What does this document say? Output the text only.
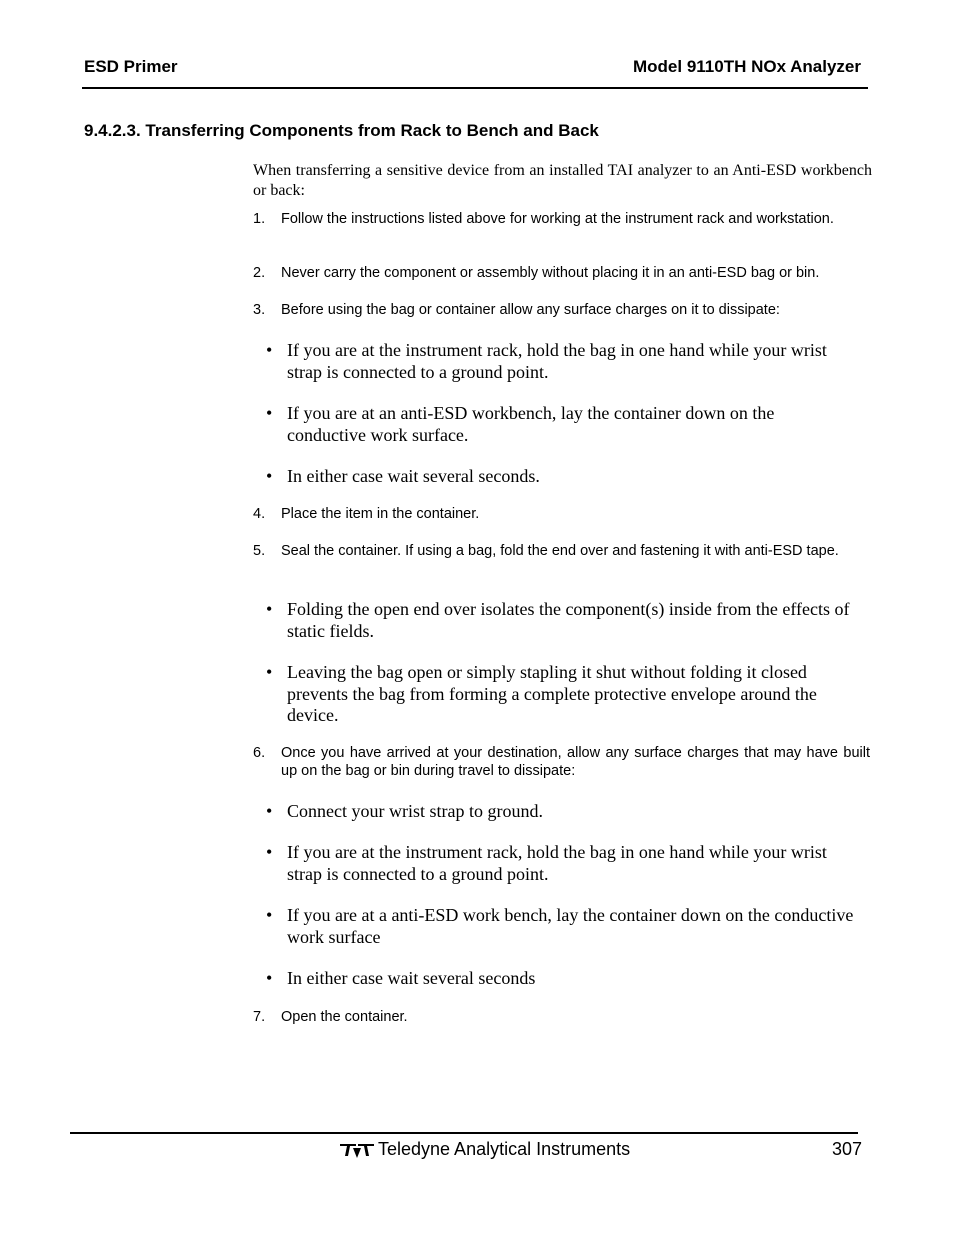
ESD Primer	Model 9110TH NOx Analyzer
9.4.2.3. Transferring Components from Rack to Bench and Back
When transferring a sensitive device from an installed TAI analyzer to an Anti-ESD workbench or back:
1.	Follow the instructions listed above for working at the instrument rack and workstation.
2.	Never carry the component or assembly without placing it in an anti-ESD bag or bin.
3.	Before using the bag or container allow any surface charges on it to dissipate:
• If you are at the instrument rack, hold the bag in one hand while your wrist strap is connected to a ground point.
• If you are at an anti-ESD workbench, lay the container down on the conductive work surface.
• In either case wait several seconds.
4.	Place the item in the container.
5.	Seal the container. If using a bag, fold the end over and fastening it with anti-ESD tape.
• Folding the open end over isolates the component(s) inside from the effects of static fields.
• Leaving the bag open or simply stapling it shut without folding it closed prevents the bag from forming a complete protective envelope around the device.
6.	Once you have arrived at your destination, allow any surface charges that may have built up on the bag or bin during travel to dissipate:
• Connect your wrist strap to ground.
• If you are at the instrument rack, hold the bag in one hand while your wrist strap is connected to a ground point.
• If you are at a anti-ESD work bench, lay the container down on the conductive work surface
• In either case wait several seconds
7.	Open the container.
Teledyne Analytical Instruments	307
